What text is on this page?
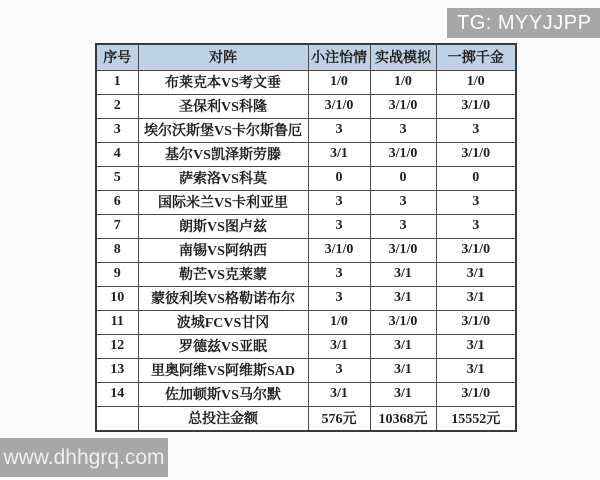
TG: MYYJJPP
序号	对阵	小注怡情	实战模拟	一掷千金
1	布莱克本VS考文垂	1/0	1/0	1/0
2	圣保利VS科隆	3/1/0	3/1/0	3/1/0
3	埃尔沃斯堡VS卡尔斯鲁厄	3	3	3
4	基尔VS凯泽斯劳滕	3/1	3/1/0	3/1/0
5	萨索洛VS科莫	0	0	0
6	国际米兰VS卡利亚里	3	3	3
7	朗斯VS图卢兹	3	3	3
8	南锡VS阿纳西	3/1/0	3/1/0	3/1/0
9	勒芒VS克莱蒙	3	3/1	3/1
10	蒙彼利埃VS格勒诺布尔	3	3/1	3/1
11	波城FCVS甘冈	1/0	3/1/0	3/1/0
12	罗德兹VS亚眠	3/1	3/1	3/1
13	里奥阿维VS阿维斯SAD	3	3/1	3/1
14	佐加顿斯VS马尔默	3/1	3/1	3/1/0
	总投注金额	576元	10368元	15552元
www.dhhgrq.com
